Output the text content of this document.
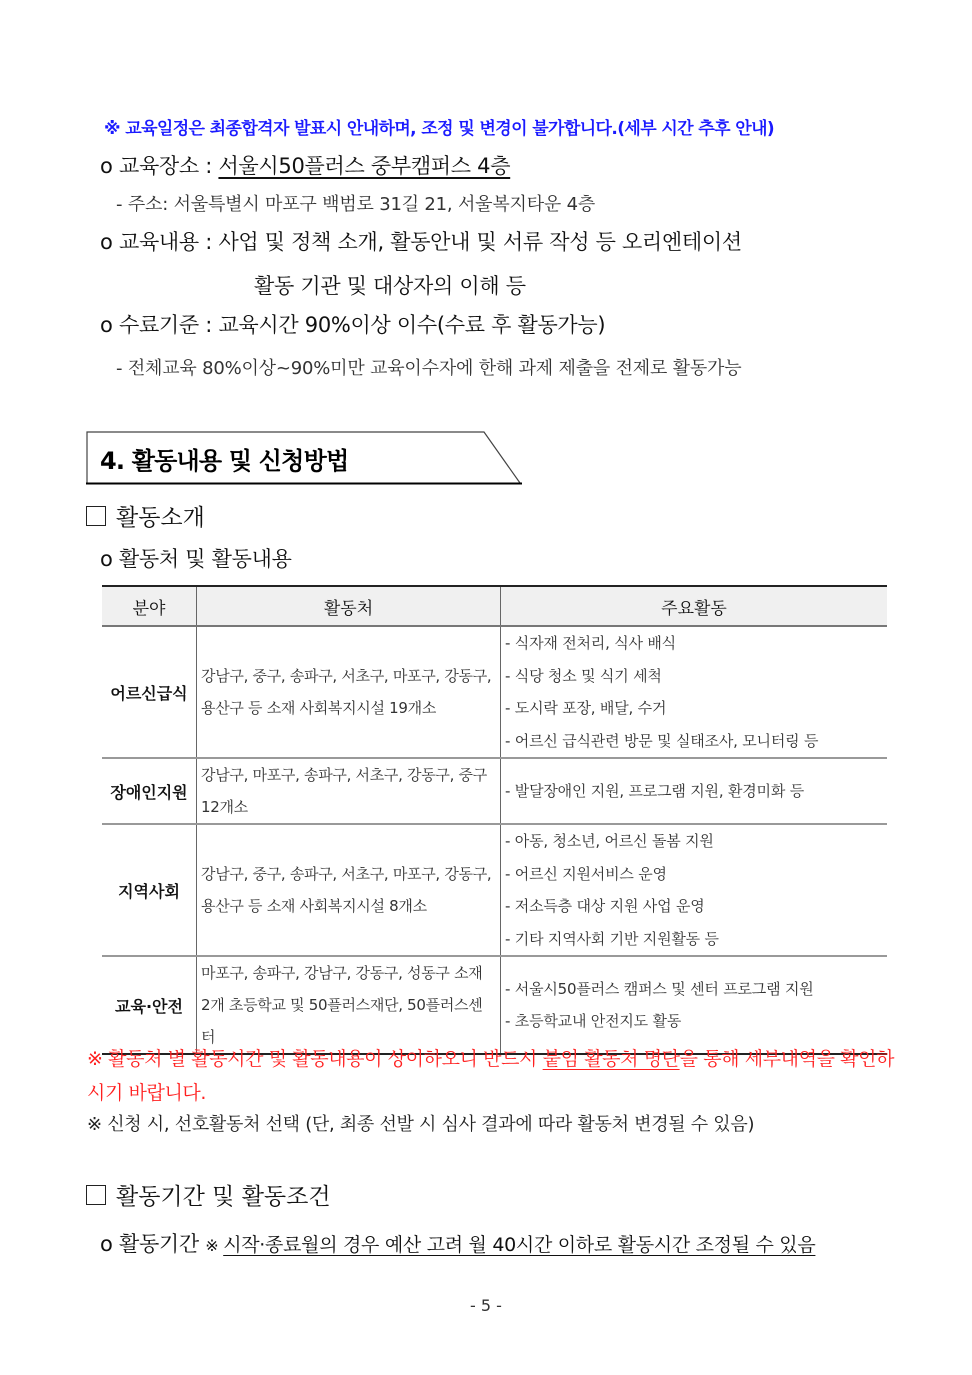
※ 교육일정은 최종합격자 발표시 안내하며, 조정 및 변경이 불가합니다.(세부 시간 추후 안내)
o 교육장소 : 서울시50플러스 중부캠퍼스 4층
- 주소: 서울특별시 마포구 백범로 31길 21, 서울복지타운 4층
o 교육내용 : 사업 및 정책 소개, 활동안내 및 서류 작성 등 오리엔테이션
활동 기관 및 대상자의 이해 등
o 수료기준 : 교육시간 90%이상 이수(수료 후 활동가능)
- 전체교육 80%이상~90%미만 교육이수자에 한해 과제 제출을 전제로 활동가능
4. 활동내용 및 신청방법
활동소개
o 활동처 및 활동내용
분야	활동처	주요활동
어르신급식	강남구, 중구, 송파구, 서초구, 마포구, 강동구, 용산구 등 소재 사회복지시설 19개소	- 식자재 전처리, 식사 배식
- 식당 청소 및 식기 세척
- 도시락 포장, 배달, 수거
- 어르신 급식관련 방문 및 실태조사, 모니터링 등

장애인지원	강남구, 마포구, 송파구, 서초구, 강동구, 중구 12개소	- 발달장애인 지원, 프로그램 지원, 환경미화 등

지역사회	강남구, 중구, 송파구, 서초구, 마포구, 강동구, 용산구 등 소재 사회복지시설 8개소	- 아동, 청소년, 어르신 돌봄 지원
- 어르신 지원서비스 운영
- 저소득층 대상 지원 사업 운영
- 기타 지역사회 기반 지원활동 등

교육·안전	마포구, 송파구, 강남구, 강동구, 성동구 소재 2개 초등학교 및 50플러스재단, 50플러스센터	- 서울시50플러스 캠퍼스 및 센터 프로그램 지원
- 초등학교내 안전지도 활동
※ 활동처 별 활동시간 및 활동내용이 상이하오니 반드시 붙임 활동처 명단을 통해 세부내역을 확인하시기 바랍니다.
※ 신청 시, 선호활동처 선택 (단, 최종 선발 시 심사 결과에 따라 활동처 변경될 수 있음)
활동기간 및 활동조건
o 활동기간 ※ 시작·종료월의 경우 예산 고려 월 40시간 이하로 활동시간 조정될 수 있음
- 5 -
